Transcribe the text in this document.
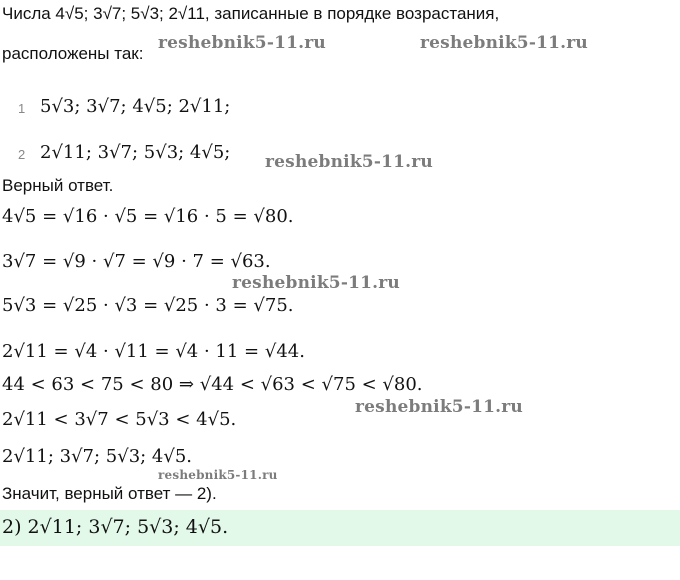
Числа 4√5; 3√7; 5√3; 2√11, записанные в порядке возрастания,
расположены так:
1 5√3; 3√7; 4√5; 2√11;
2 2√11; 3√7; 5√3; 4√5;
Верный ответ.
4√5 = √16 · √5 = √16 · 5 = √80.
3√7 = √9 · √7 = √9 · 7 = √63.
5√3 = √25 · √3 = √25 · 3 = √75.
2√11 = √4 · √11 = √4 · 11 = √44.
44 < 63 < 75 < 80 ⇒ √44 < √63 < √75 < √80.
2√11 < 3√7 < 5√3 < 4√5.
2√11; 3√7; 5√3; 4√5.
Значит, верный ответ — 2).
2) 2√11; 3√7; 5√3; 4√5.
reshebnik5-11.ru	reshebnik5-11.ru
reshebnik5-11.ru
reshebnik5-11.ru
reshebnik5-11.ru
reshebnik5-11.ru
